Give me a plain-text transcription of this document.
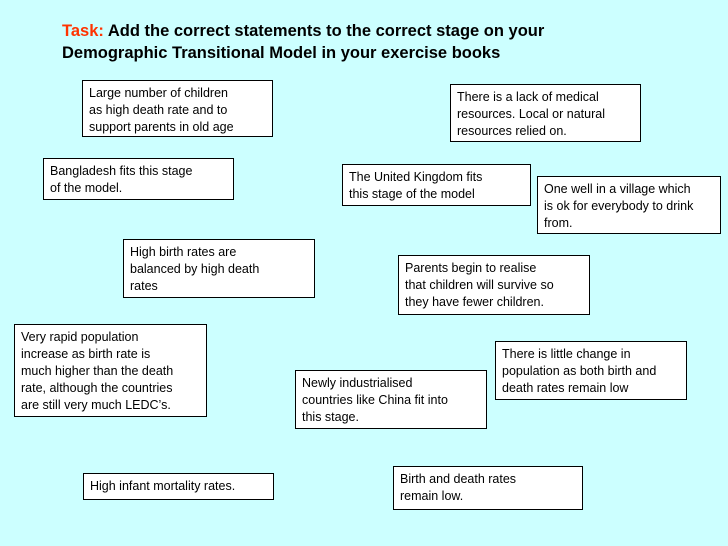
Task: Add the correct statements to the correct stage on your
Demographic Transitional Model in your exercise books
Large number of children
as high death rate and to
support parents in old age
There is a lack of medical
resources. Local or natural
resources relied on.
Bangladesh fits this stage
of the model.
The United Kingdom fits
this stage of the model	One well in a village which
is ok for everybody to drink
from.
High birth rates are
balanced by high death
rates
Parents begin to realise
that children will survive so
they have fewer children.
Very rapid population
increase as birth rate is
much higher than the death
rate, although the countries
are still very much LEDC’s.
There is little change in
population as both birth and
death rates remain low
Newly industrialised
countries like China fit into
this stage.
High infant mortality rates.	Birth and death rates
remain low.
